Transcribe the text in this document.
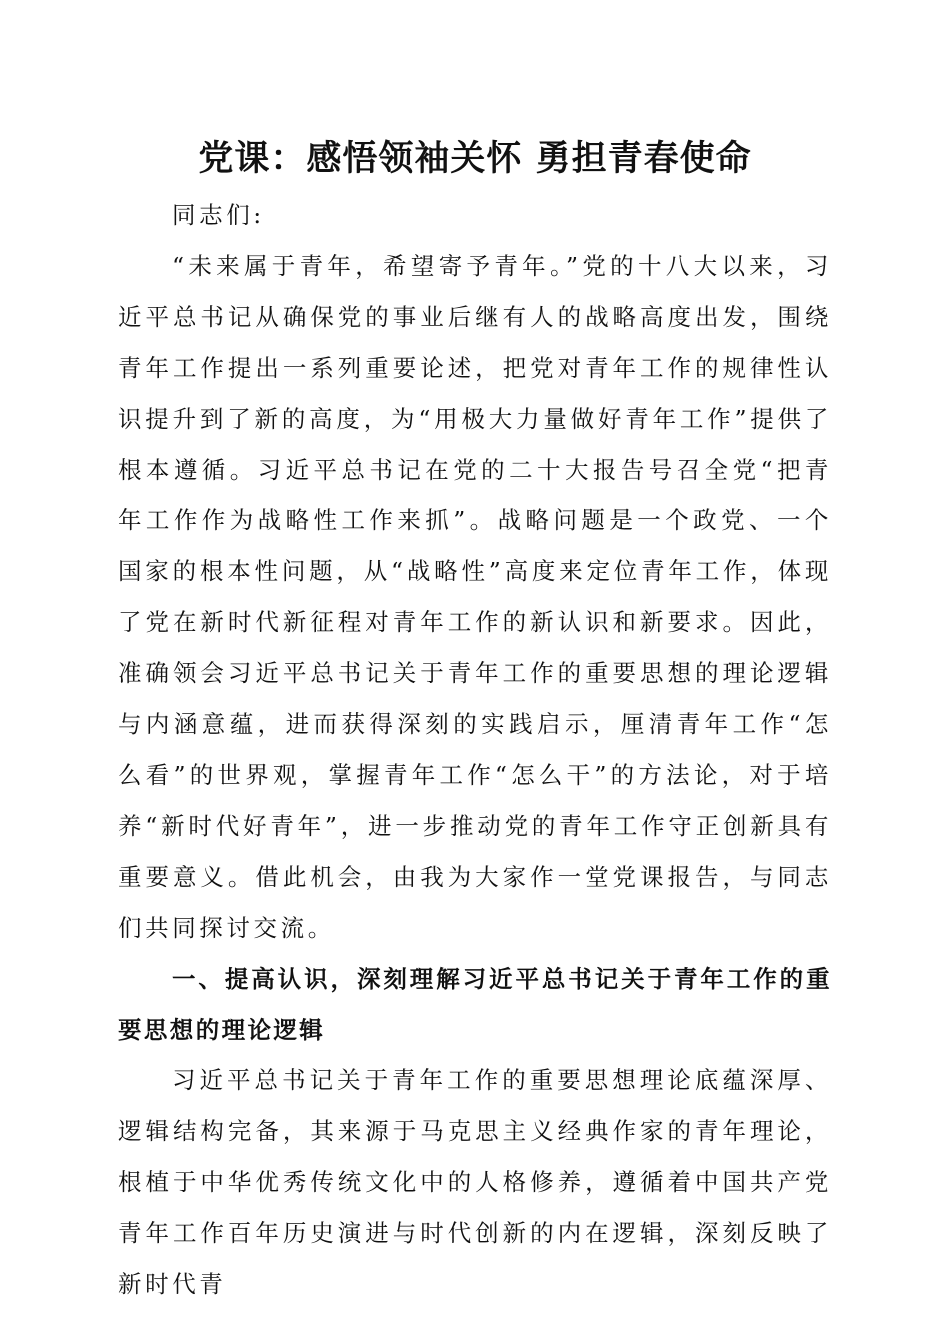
党课：感悟领袖关怀 勇担青春使命

同志们:

“未来属于青年，希望寄予青年。”党的十八大以来，习近平总书记从确保党的事业后继有人的战略高度出发，围绕青年工作提出一系列重要论述，把党对青年工作的规律性认识提升到了新的高度，为“用极大力量做好青年工作”提供了根本遵循。习近平总书记在党的二十大报告号召全党“把青年工作作为战略性工作来抓”。战略问题是一个政党、一个国家的根本性问题，从“战略性”高度来定位青年工作，体现了党在新时代新征程对青年工作的新认识和新要求。因此，准确领会习近平总书记关于青年工作的重要思想的理论逻辑与内涵意蕴，进而获得深刻的实践启示，厘清青年工作“怎么看”的世界观，掌握青年工作“怎么干”的方法论，对于培养“新时代好青年”，进一步推动党的青年工作守正创新具有重要意义。借此机会，由我为大家作一堂党课报告，与同志们共同探讨交流。

一、提高认识，深刻理解习近平总书记关于青年工作的重要思想的理论逻辑

习近平总书记关于青年工作的重要思想理论底蕴深厚、逻辑结构完备，其来源于马克思主义经典作家的青年理论，根植于中华优秀传统文化中的人格修养，遵循着中国共产党青年工作百年历史演进与时代创新的内在逻辑，深刻反映了新时代青
